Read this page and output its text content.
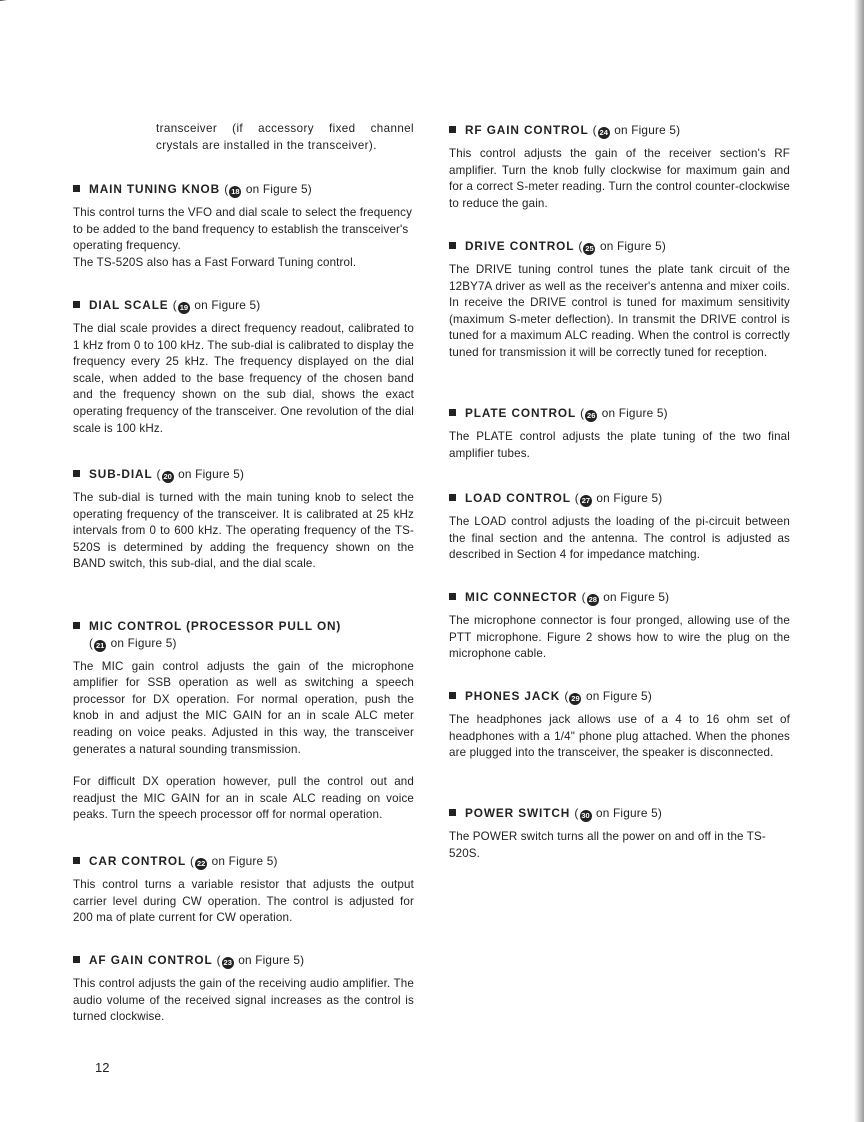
transceiver (if accessory fixed channel crystals are installed in the transceiver).

MAIN TUNING KNOB ( 18 on Figure 5)

This control turns the VFO and dial scale to select the frequency to be added to the band frequency to establish the transceiver's operating frequency.
The TS-520S also has a Fast Forward Tuning control.

DIAL SCALE ( 19 on Figure 5)

The dial scale provides a direct frequency readout, calibrated to 1 kHz from 0 to 100 kHz. The sub-dial is calibrated to display the frequency every 25 kHz. The frequency displayed on the dial scale, when added to the base frequency of the chosen band and the frequency shown on the sub dial, shows the exact operating frequency of the transceiver. One revolution of the dial scale is 100 kHz.

SUB-DIAL ( 20 on Figure 5)

The sub-dial is turned with the main tuning knob to select the operating frequency of the transceiver. It is calibrated at 25 kHz intervals from 0 to 600 kHz. The operating frequency of the TS-520S is determined by adding the frequency shown on the BAND switch, this sub-dial, and the dial scale.

MIC CONTROL (PROCESSOR PULL ON)
( 21 on Figure 5)

The MIC gain control adjusts the gain of the microphone amplifier for SSB operation as well as switching a speech processor for DX operation. For normal operation, push the knob in and adjust the MIC GAIN for an in scale ALC meter reading on voice peaks. Adjusted in this way, the transceiver generates a natural sounding transmission.

For difficult DX operation however, pull the control out and readjust the MIC GAIN for an in scale ALC reading on voice peaks. Turn the speech processor off for normal operation.

CAR CONTROL ( 22 on Figure 5)

This control turns a variable resistor that adjusts the output carrier level during CW operation. The control is adjusted for 200 ma of plate current for CW operation.

AF GAIN CONTROL ( 23 on Figure 5)

This control adjusts the gain of the receiving audio amplifier. The audio volume of the received signal increases as the control is turned clockwise.

RF GAIN CONTROL ( 24 on Figure 5)

This control adjusts the gain of the receiver section's RF amplifier. Turn the knob fully clockwise for maximum gain and for a correct S-meter reading. Turn the control counter-clockwise to reduce the gain.

DRIVE CONTROL ( 25 on Figure 5)

The DRIVE tuning control tunes the plate tank circuit of the 12BY7A driver as well as the receiver's antenna and mixer coils. In receive the DRIVE control is tuned for maximum sensitivity (maximum S-meter deflection). In transmit the DRIVE control is tuned for a maximum ALC reading. When the control is correctly tuned for transmission it will be correctly tuned for reception.

PLATE CONTROL ( 26 on Figure 5)

The PLATE control adjusts the plate tuning of the two final amplifier tubes.

LOAD CONTROL ( 27 on Figure 5)

The LOAD control adjusts the loading of the pi-circuit between the final section and the antenna. The control is adjusted as described in Section 4 for impedance matching.

MIC CONNECTOR ( 28 on Figure 5)

The microphone connector is four pronged, allowing use of the PTT microphone. Figure 2 shows how to wire the plug on the microphone cable.

PHONES JACK ( 29 on Figure 5)

The headphones jack allows use of a 4 to 16 ohm set of headphones with a 1/4" phone plug attached. When the phones are plugged into the transceiver, the speaker is disconnected.

POWER SWITCH ( 30 on Figure 5)

The POWER switch turns all the power on and off in the TS-520S.

12
